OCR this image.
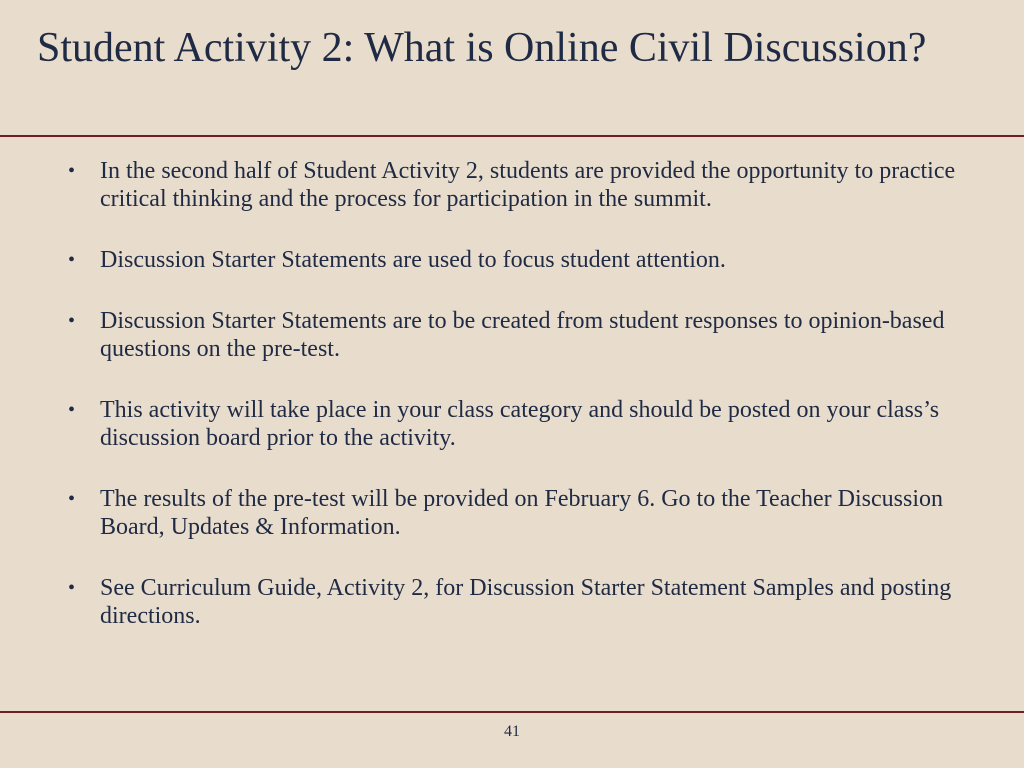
Student Activity 2: What is Online Civil Discussion?
• In the second half of Student Activity 2, students are provided the opportunity to practice critical thinking and the process for participation in the summit.
• Discussion Starter Statements are used to focus student attention.
• Discussion Starter Statements are to be created from student responses to opinion-based questions on the pre-test.
• This activity will take place in your class category and should be posted on your class’s discussion board prior to the activity.
• The results of the pre-test will be provided on February 6. Go to the Teacher Discussion Board, Updates & Information.
• See Curriculum Guide, Activity 2, for Discussion Starter Statement Samples and posting directions.
41
